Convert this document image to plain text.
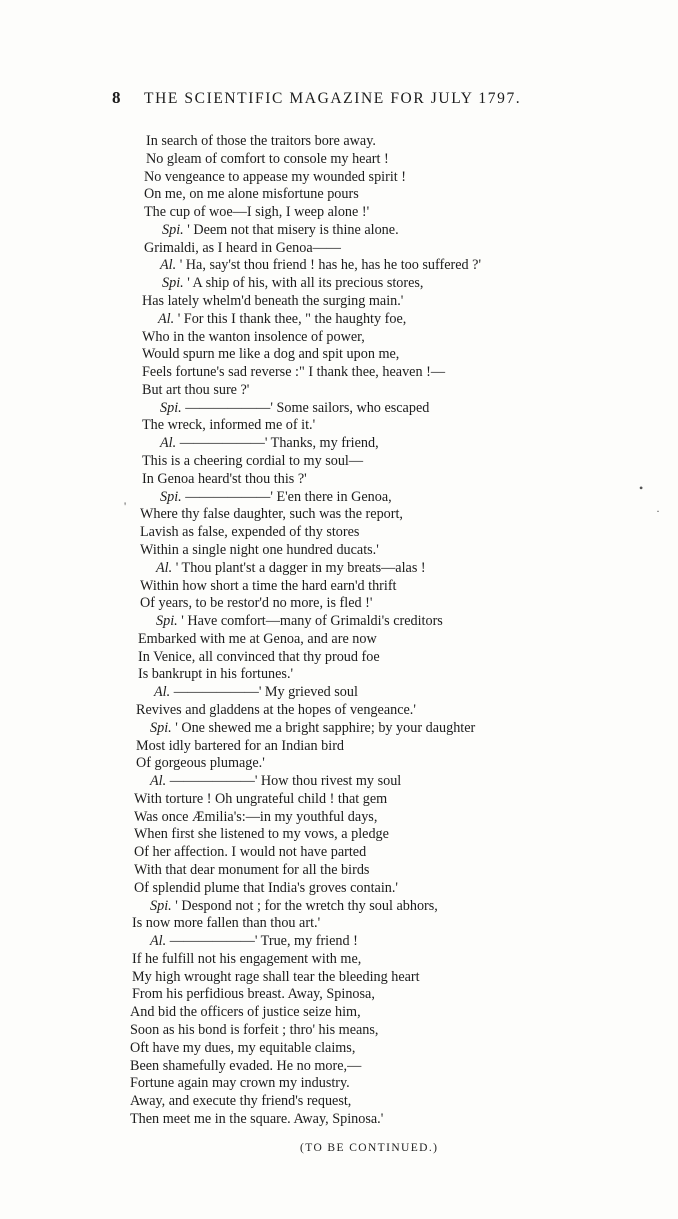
8 THE SCIENTIFIC MAGAZINE FOR JULY 1797.
In search of those the traitors bore away.
No gleam of comfort to console my heart !
No vengeance to appease my wounded spirit !
On me, on me alone misfortune pours
The cup of woe—I sigh, I weep alone !'
Spi. ' Deem not that misery is thine alone.
Grimaldi, as I heard in Genoa——
Al. ' Ha, say'st thou friend ! has he, has he too suffered ?'
Spi. ' A ship of his, with all its precious stores,
Has lately whelm'd beneath the surging main.'
Al. ' For this I thank thee, " the haughty foe,
Who in the wanton insolence of power,
Would spurn me like a dog and spit upon me,
Feels fortune's sad reverse :" I thank thee, heaven !—
But art thou sure ?'
Spi. ——————' Some sailors, who escaped
The wreck, informed me of it.'
Al. ——————' Thanks, my friend,
This is a cheering cordial to my soul—
In Genoa heard'st thou this ?'
Spi. ——————' E'en there in Genoa,
Where thy false daughter, such was the report,
Lavish as false, expended of thy stores
Within a single night one hundred ducats.'
Al. ' Thou plant'st a dagger in my breats—alas !
Within how short a time the hard earn'd thrift
Of years, to be restor'd no more, is fled !'
Spi. ' Have comfort—many of Grimaldi's creditors
Embarked with me at Genoa, and are now
In Venice, all convinced that thy proud foe
Is bankrupt in his fortunes.'
Al. ——————' My grieved soul
Revives and gladdens at the hopes of vengeance.'
Spi. ' One shewed me a bright sapphire; by your daughter
Most idly bartered for an Indian bird
Of gorgeous plumage.'
Al. ——————' How thou rivest my soul
With torture ! Oh ungrateful child ! that gem
Was once Æmilia's:—in my youthful days,
When first she listened to my vows, a pledge
Of her affection. I would not have parted
With that dear monument for all the birds
Of splendid plume that India's groves contain.'
Spi. ' Despond not ; for the wretch thy soul abhors,
Is now more fallen than thou art.'
Al. ——————' True, my friend !
If he fulfill not his engagement with me,
My high wrought rage shall tear the bleeding heart
From his perfidious breast. Away, Spinosa,
And bid the officers of justice seize him,
Soon as his bond is forfeit ; thro' his means,
Oft have my dues, my equitable claims,
Been shamefully evaded. He no more,—
Fortune again may crown my industry.
Away, and execute thy friend's request,
Then meet me in the square. Away, Spinosa.'
(TO BE CONTINUED.)
•
·
'
